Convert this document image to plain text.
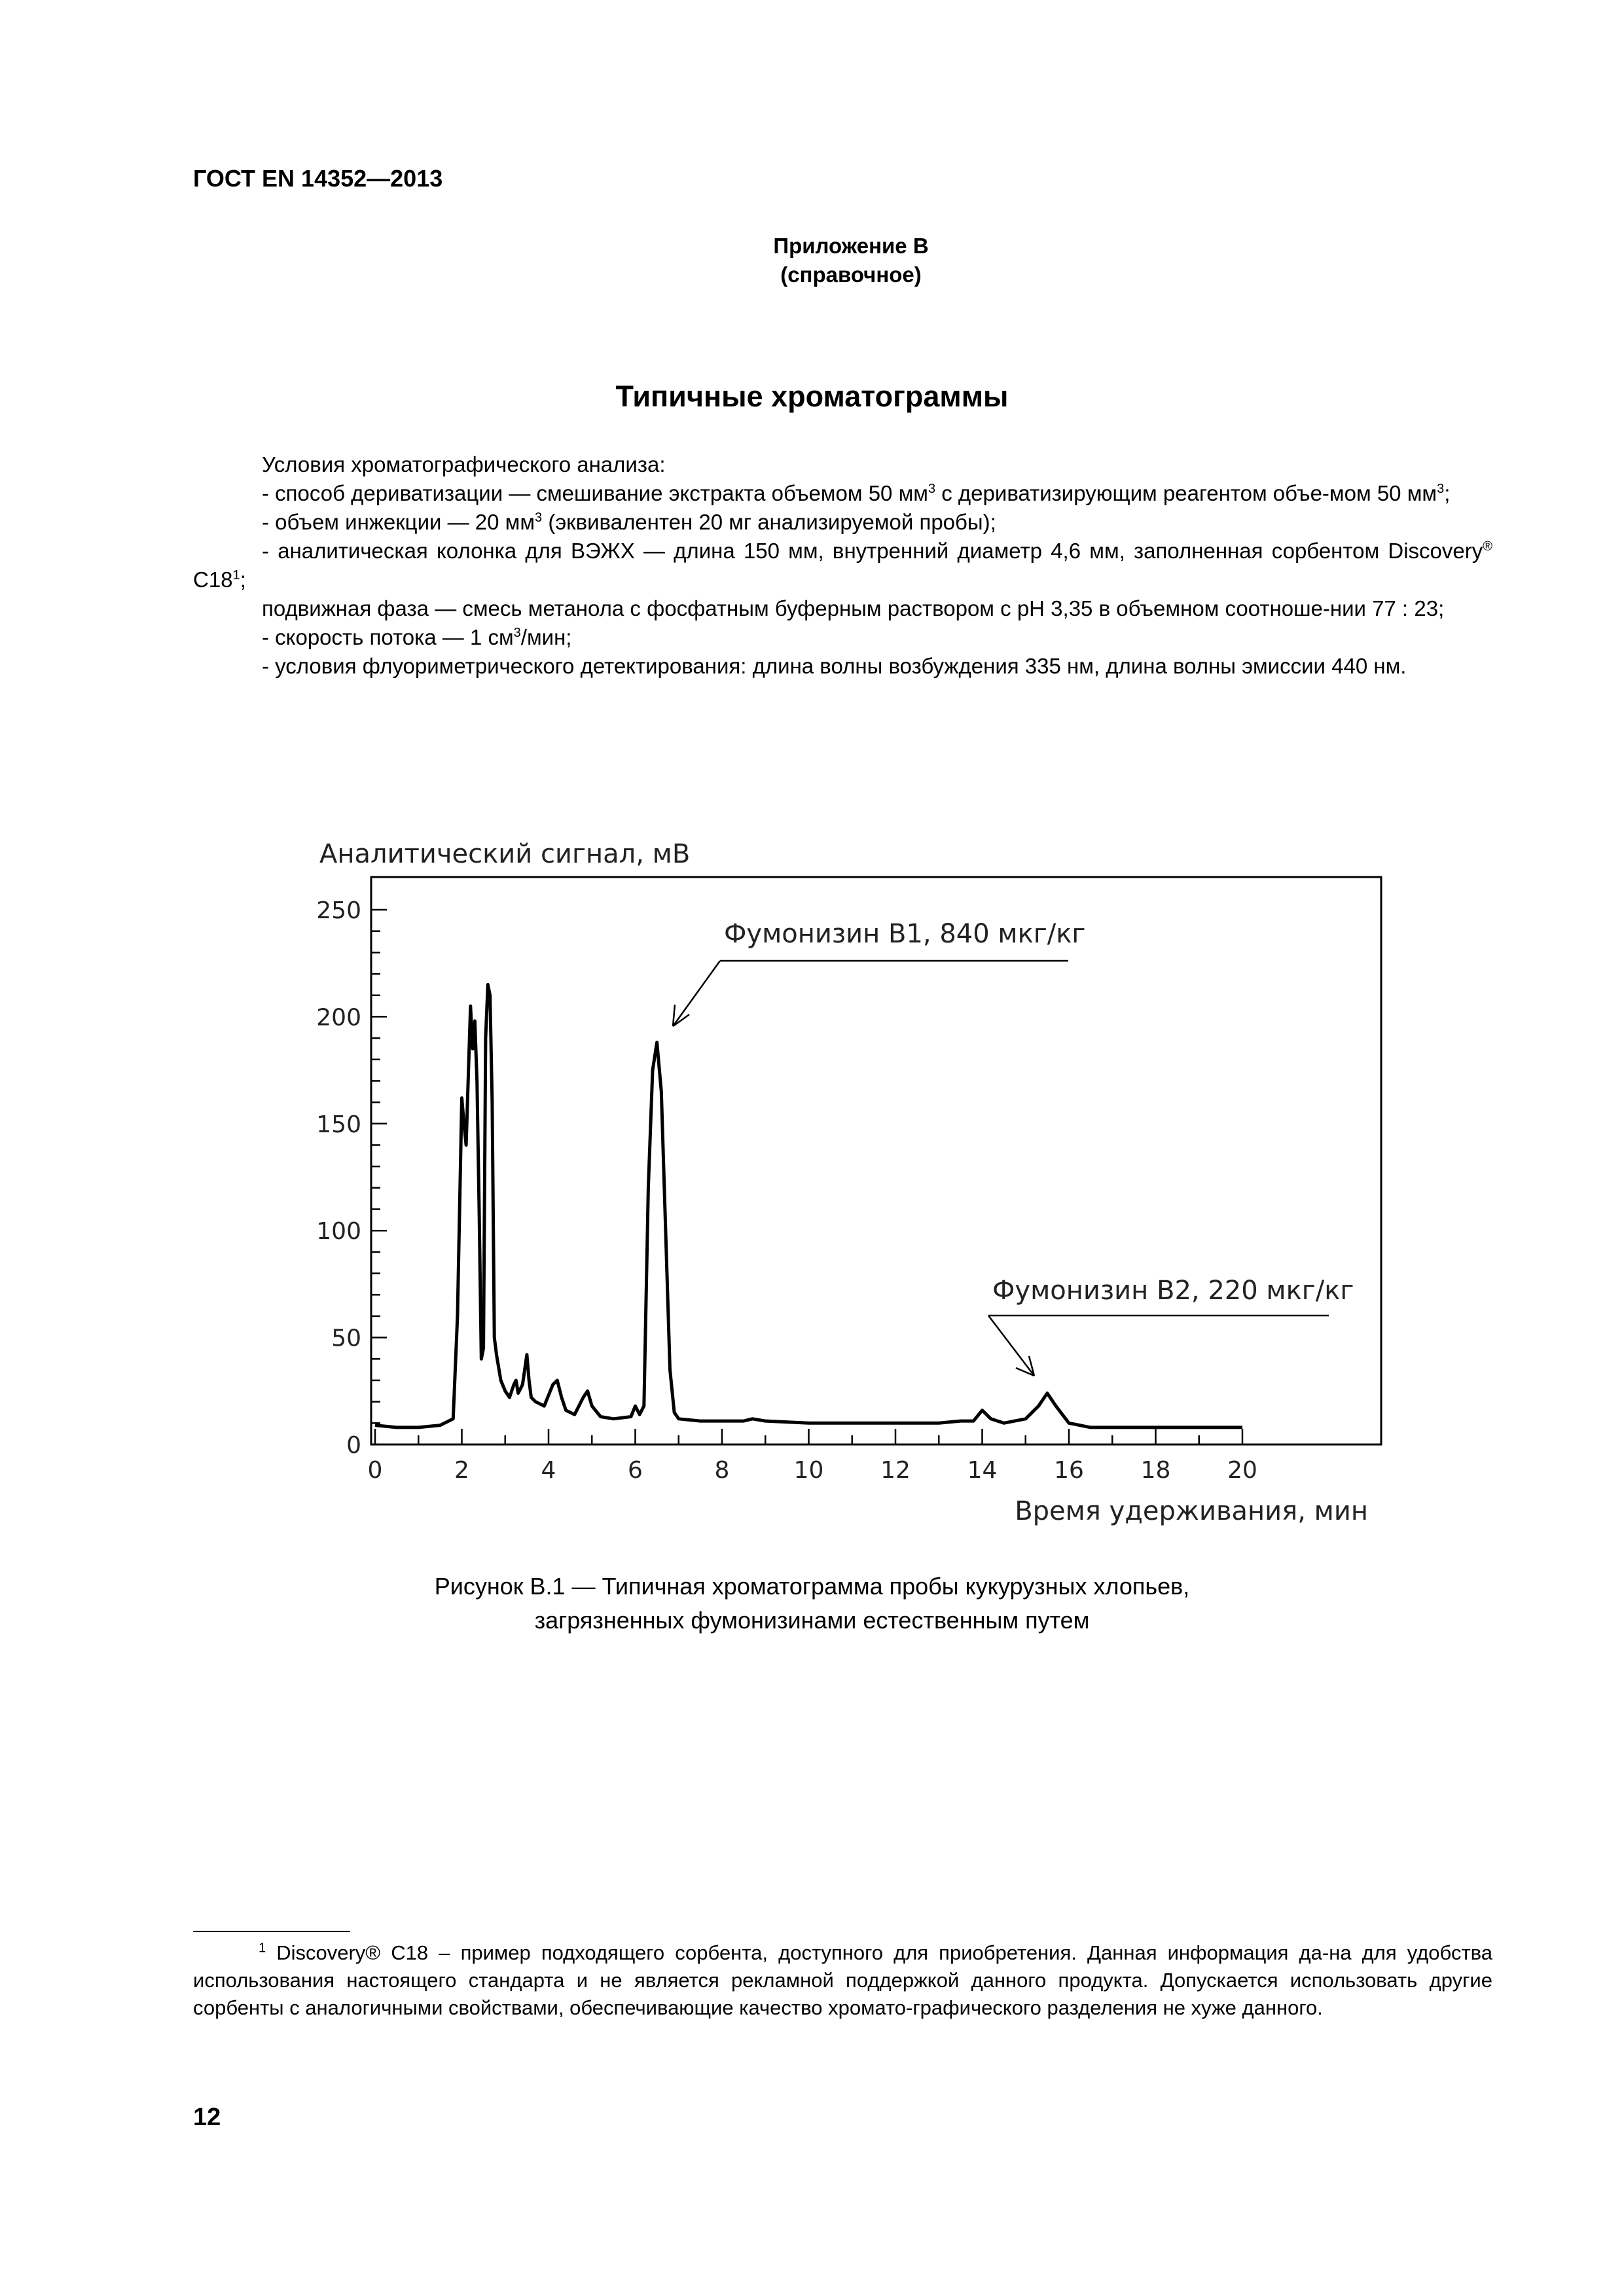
ГОСТ EN 14352—2013
Приложение В
(справочное)
Типичные хроматограммы

Условия хроматографического анализа:

- способ дериватизации — смешивание экстракта объемом 50 $мм^3$ с дериватизирующим реагентом объе-мом 50 $мм^3$;

- объем инжекции — 20 $мм^3$ (эквивалентен 20 мг анализируемой пробы);

- аналитическая колонка для ВЭЖХ — длина 150 мм, внутренний диаметр 4,6 мм, заполненная сорбентом Discovery® $C18^1$;

подвижная фаза — смесь метанола с фосфатным буферным раствором с pH 3,35 в объемном соотноше-нии 77 : 23;

- скорость потока — 1 $см^3$/мин;

- условия флуориметрического детектирования: длина волны возбуждения 335 нм, длина волны эмиссии 440 нм.

Аналитический сигнал, мВ
Время удерживания, мин
0
50
100
150
200
250
0	2	4	6	8	10 12 14 16 18 20
Фумонизин B1, 840 мкг/кг
Фумонизин B2, 220 мкг/кг
Рисунок В.1 — Типичная хроматограмма пробы кукурузных хлопьев,
загрязненных фумонизинами естественным путем

$^1$ Discovery® C18 – пример подходящего сорбента, доступного для приобретения. Данная информация да-на для удобства использования настоящего стандарта и не является рекламной поддержкой данного продукта. Допускается использовать другие сорбенты с аналогичными свойствами, обеспечивающие качество хромато-графического разделения не хуже данного.

12
